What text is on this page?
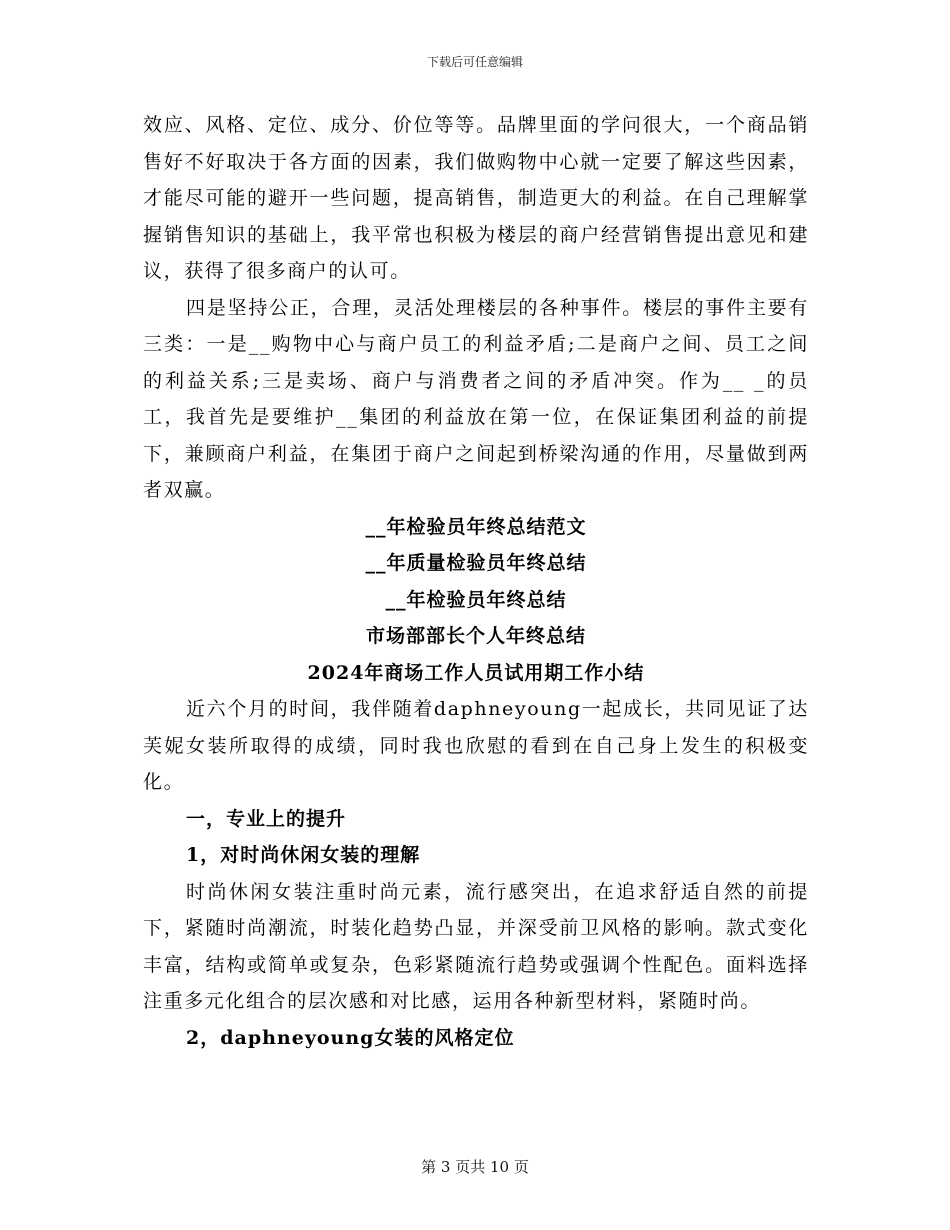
下载后可任意编辑

效应、风格、定位、成分、价位等等。品牌里面的学问很大，一个商品销售好不好取决于各方面的因素，我们做购物中心就一定要了解这些因素，才能尽可能的避开一些问题，提高销售，制造更大的利益。在自己理解掌握销售知识的基础上，我平常也积极为楼层的商户经营销售提出意见和建议，获得了很多商户的认可。

四是坚持公正，合理，灵活处理楼层的各种事件。楼层的事件主要有三类：一是__购物中心与商户员工的利益矛盾;二是商户之间、员工之间的利益关系;三是卖场、商户与消费者之间的矛盾冲突。作为__ _的员工，我首先是要维护__集团的利益放在第一位，在保证集团利益的前提下，兼顾商户利益，在集团于商户之间起到桥梁沟通的作用，尽量做到两者双赢。

__年检验员年终总结范文

__年质量检验员年终总结

__年检验员年终总结

市场部部长个人年终总结

2024年商场工作人员试用期工作小结

近六个月的时间，我伴随着daphneyoung一起成长，共同见证了达芙妮女装所取得的成绩，同时我也欣慰的看到在自己身上发生的积极变化。

一，专业上的提升

1，对时尚休闲女装的理解

时尚休闲女装注重时尚元素，流行感突出，在追求舒适自然的前提下，紧随时尚潮流，时装化趋势凸显，并深受前卫风格的影响。款式变化丰富，结构或简单或复杂，色彩紧随流行趋势或强调个性配色。面料选择注重多元化组合的层次感和对比感，运用各种新型材料，紧随时尚。

2，daphneyoung女装的风格定位

第 3 页共 10 页
